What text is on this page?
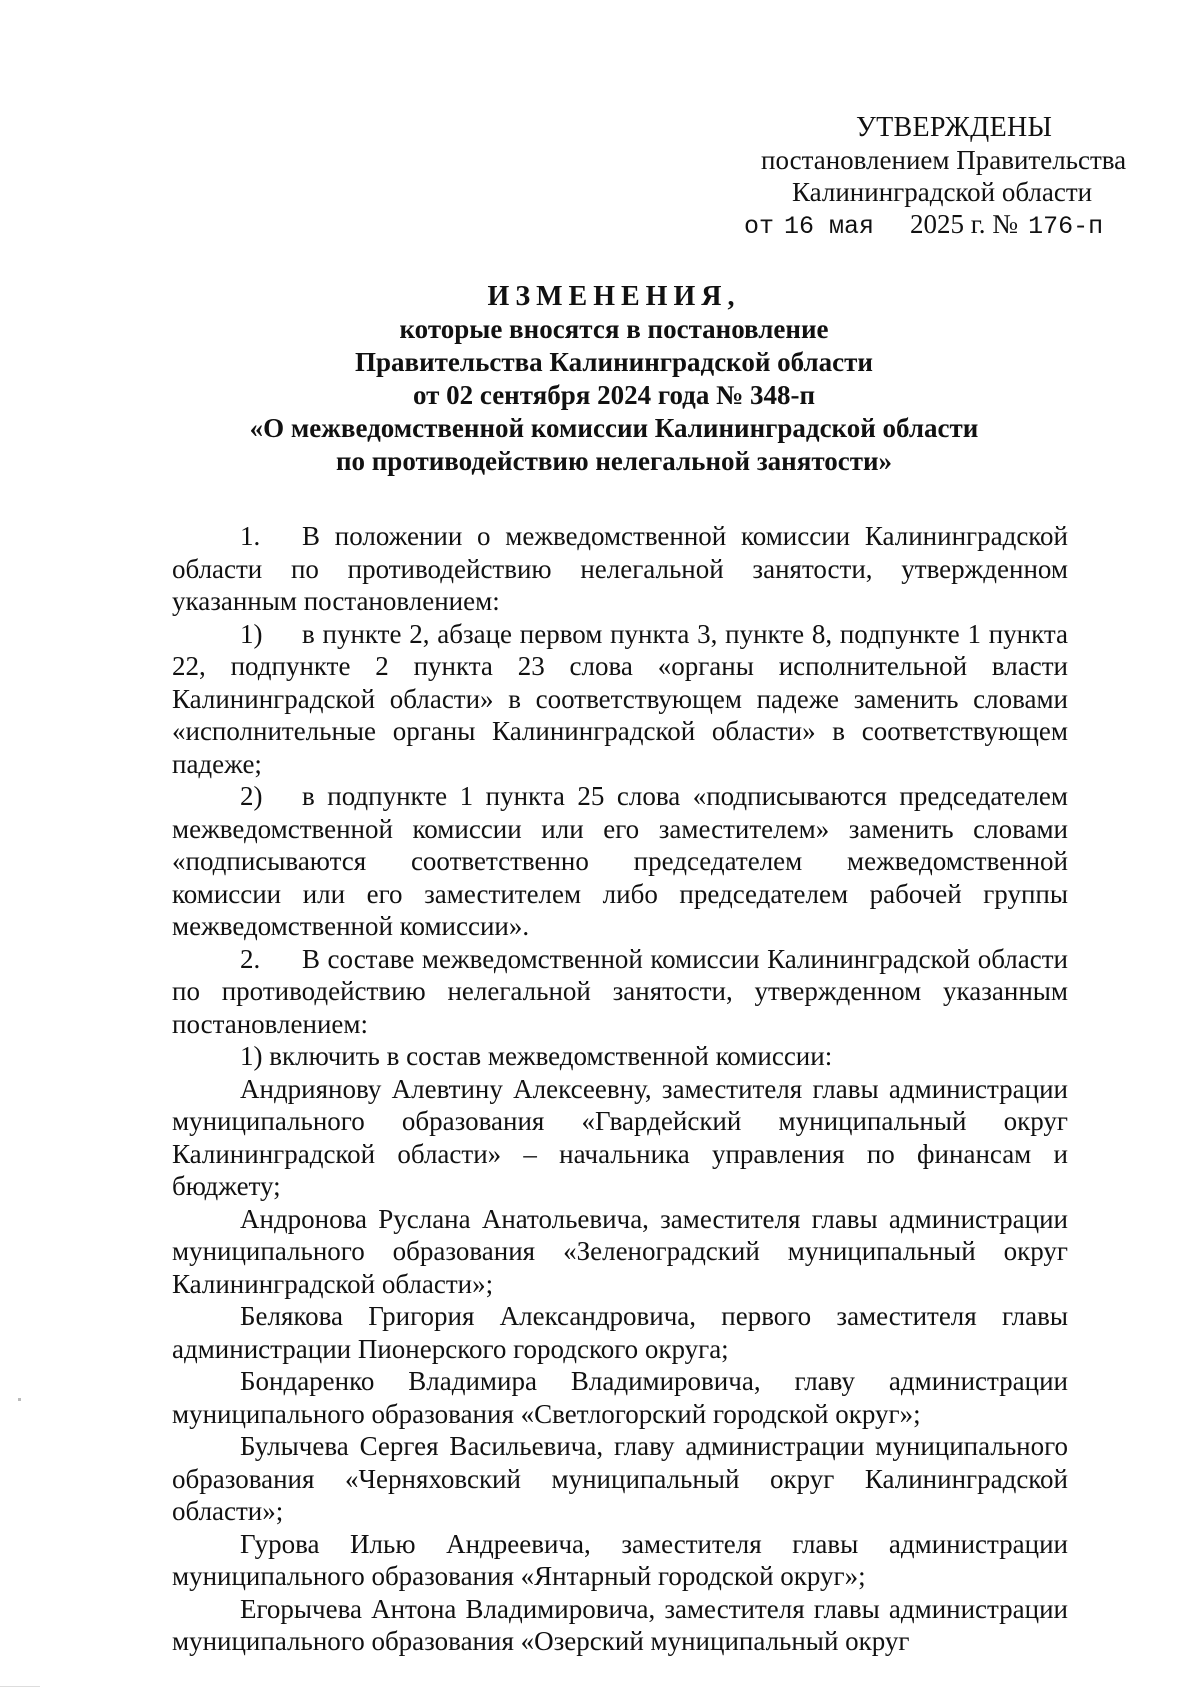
УТВЕРЖДЕНЫ
постановлением Правительства
Калининградской области
от 16 мая 2025 г. № 176-п
ИЗМЕНЕНИЯ,
которые вносятся в постановление
Правительства Калининградской области
от 02 сентября 2024 года № 348-п
«О межведомственной комиссии Калининградской области
по противодействию нелегальной занятости»

1. В положении о межведомственной комиссии Калининградской области по противодействию нелегальной занятости, утвержденном указанным постановлением:

1) в пункте 2, абзаце первом пункта 3, пункте 8, подпункте 1 пункта 22, подпункте 2 пункта 23 слова «органы исполнительной власти Калининградской области» в соответствующем падеже заменить словами «исполнительные органы Калининградской области» в соответствующем падеже;

2) в подпункте 1 пункта 25 слова «подписываются председателем межведомственной комиссии или его заместителем» заменить словами «подписываются соответственно председателем межведомственной комиссии или его заместителем либо председателем рабочей группы межведомственной комиссии».

2. В составе межведомственной комиссии Калининградской области по противодействию нелегальной занятости, утвержденном указанным постановлением:

1) включить в состав межведомственной комиссии:

Андриянову Алевтину Алексеевну, заместителя главы администрации муниципального образования «Гвардейский муниципальный округ Калининградской области» – начальника управления по финансам и бюджету;

Андронова Руслана Анатольевича, заместителя главы администрации муниципального образования «Зеленоградский муниципальный округ Калининградской области»;

Белякова Григория Александровича, первого заместителя главы администрации Пионерского городского округа;

Бондаренко Владимира Владимировича, главу администрации муниципального образования «Светлогорский городской округ»;

Булычева Сергея Васильевича, главу администрации муниципального образования «Черняховский муниципальный округ Калининградской области»;

Гурова Илью Андреевича, заместителя главы администрации муниципального образования «Янтарный городской округ»;

Егорычева Антона Владимировича, заместителя главы администрации муниципального образования «Озерский муниципальный округ
